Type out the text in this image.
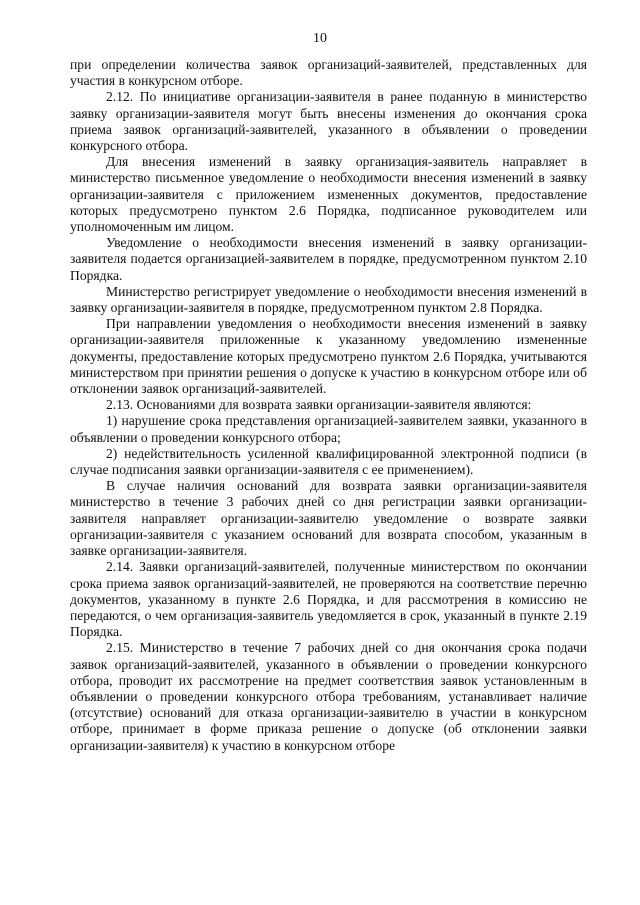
10

при определении количества заявок организаций-заявителей, представленных для участия в конкурсном отборе.

2.12. По инициативе организации-заявителя в ранее поданную в министерство заявку организации-заявителя могут быть внесены изменения до окончания срока приема заявок организаций-заявителей, указанного в объявлении о проведении конкурсного отбора.

Для внесения изменений в заявку организация-заявитель направляет в министерство письменное уведомление о необходимости внесения изменений в заявку организации-заявителя с приложением измененных документов, предоставление которых предусмотрено пунктом 2.6 Порядка, подписанное руководителем или уполномоченным им лицом.

Уведомление о необходимости внесения изменений в заявку организации-заявителя подается организацией-заявителем в порядке, предусмотренном пунктом 2.10 Порядка.

Министерство регистрирует уведомление о необходимости внесения изменений в заявку организации-заявителя в порядке, предусмотренном пунктом 2.8 Порядка.

При направлении уведомления о необходимости внесения изменений в заявку организации-заявителя приложенные к указанному уведомлению измененные документы, предоставление которых предусмотрено пунктом 2.6 Порядка, учитываются министерством при принятии решения о допуске к участию в конкурсном отборе или об отклонении заявок организаций-заявителей.

2.13. Основаниями для возврата заявки организации-заявителя являются:

1) нарушение срока представления организацией-заявителем заявки, указанного в объявлении о проведении конкурсного отбора;

2) недействительность усиленной квалифицированной электронной подписи (в случае подписания заявки организации-заявителя с ее применением).

В случае наличия оснований для возврата заявки организации-заявителя министерство в течение 3 рабочих дней со дня регистрации заявки организации-заявителя направляет организации-заявителю уведомление о возврате заявки организации-заявителя с указанием оснований для возврата способом, указанным в заявке организации-заявителя.

2.14. Заявки организаций-заявителей, полученные министерством по окончании срока приема заявок организаций-заявителей, не проверяются на соответствие перечню документов, указанному в пункте 2.6 Порядка, и для рассмотрения в комиссию не передаются, о чем организация-заявитель уведомляется в срок, указанный в пункте 2.19 Порядка.

2.15. Министерство в течение 7 рабочих дней со дня окончания срока подачи заявок организаций-заявителей, указанного в объявлении о проведении конкурсного отбора, проводит их рассмотрение на предмет соответствия заявок установленным в объявлении о проведении конкурсного отбора требованиям, устанавливает наличие (отсутствие) оснований для отказа организации-заявителю в участии в конкурсном отборе, принимает в форме приказа решение о допуске (об отклонении заявки организации-заявителя) к участию в конкурсном отборе
